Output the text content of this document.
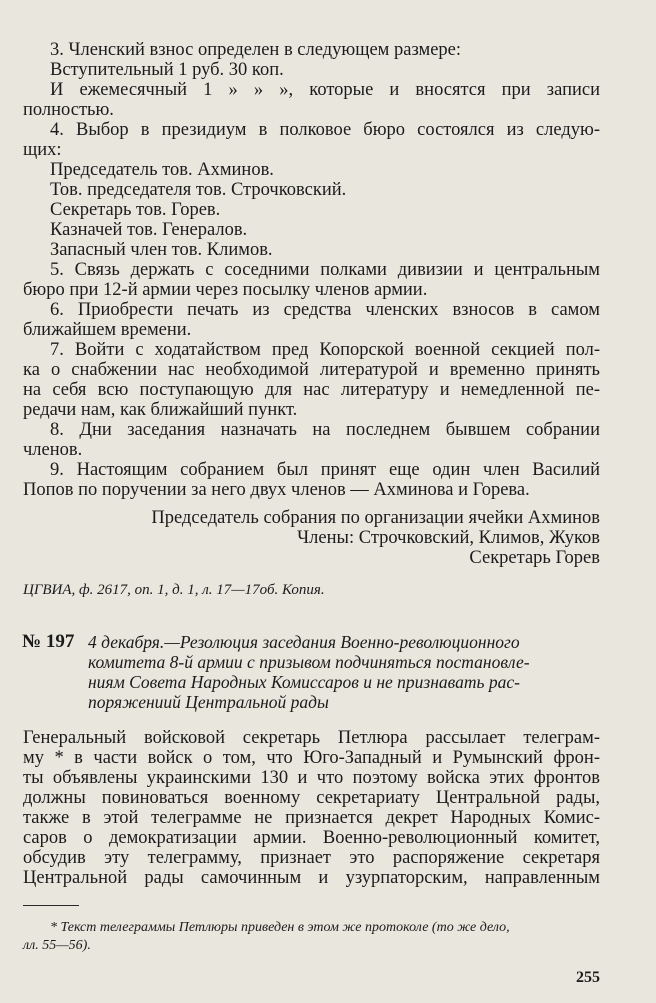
3. Членский взнос определен в следующем размере:
Вступительный 1 руб. 30 коп.
И ежемесячный 1 » » », которые и вносятся при записи
полностью.
4. Выбор в президиум в полковое бюро состоялся из следую-
щих:
Председатель тов. Ахминов.
Тов. председателя тов. Строчковский.
Секретарь тов. Горев.
Казначей тов. Генералов.
Запасный член тов. Климов.
5. Связь держать с соседними полками дивизии и центральным
бюро при 12-й армии через посылку членов армии.
6. Приобрести печать из средства членских взносов в самом
ближайшем времени.
7. Войти с ходатайством пред Копорской военной секцией пол-
ка о снабжении нас необходимой литературой и временно принять
на себя всю поступающую для нас литературу и немедленной пе-
редачи нам, как ближайший пункт.
8. Дни заседания назначать на последнем бывшем собрании
членов.
9. Настоящим собранием был принят еще один член Василий
Попов по поручении за него двух членов — Ахминова и Горева.
Председатель собрания по организации ячейки Ахминов
Члены: Строчковский, Климов, Жуков
Секретарь Горев
ЦГВИА, ф. 2617, оп. 1, д. 1, л. 17—17об. Копия.
№ 197 4 декабря.—Резолюция заседания Военно-революционного
комитета 8-й армии с призывом подчиняться постановле-
ниям Совета Народных Комиссаров и не признавать рас-
поряжениий Центральной рады
Генеральный войсковой секретарь Петлюра рассылает телеграм-
му * в части войск о том, что Юго-Западный и Румынский фрон-
ты объявлены украинскими 130 и что поэтому войска этих фронтов
должны повиноваться военному секретариату Центральной рады,
также в этой телеграмме не признается декрет Народных Комис-
саров о демократизации армии. Военно-революционный комитет,
обсудив эту телеграмму, признает это распоряжение секретаря
Центральной рады самочинным и узурпаторским, направленным
* Текст телеграммы Петлюры приведен в этом же протоколе (то же дело,
лл. 55—56).
255
